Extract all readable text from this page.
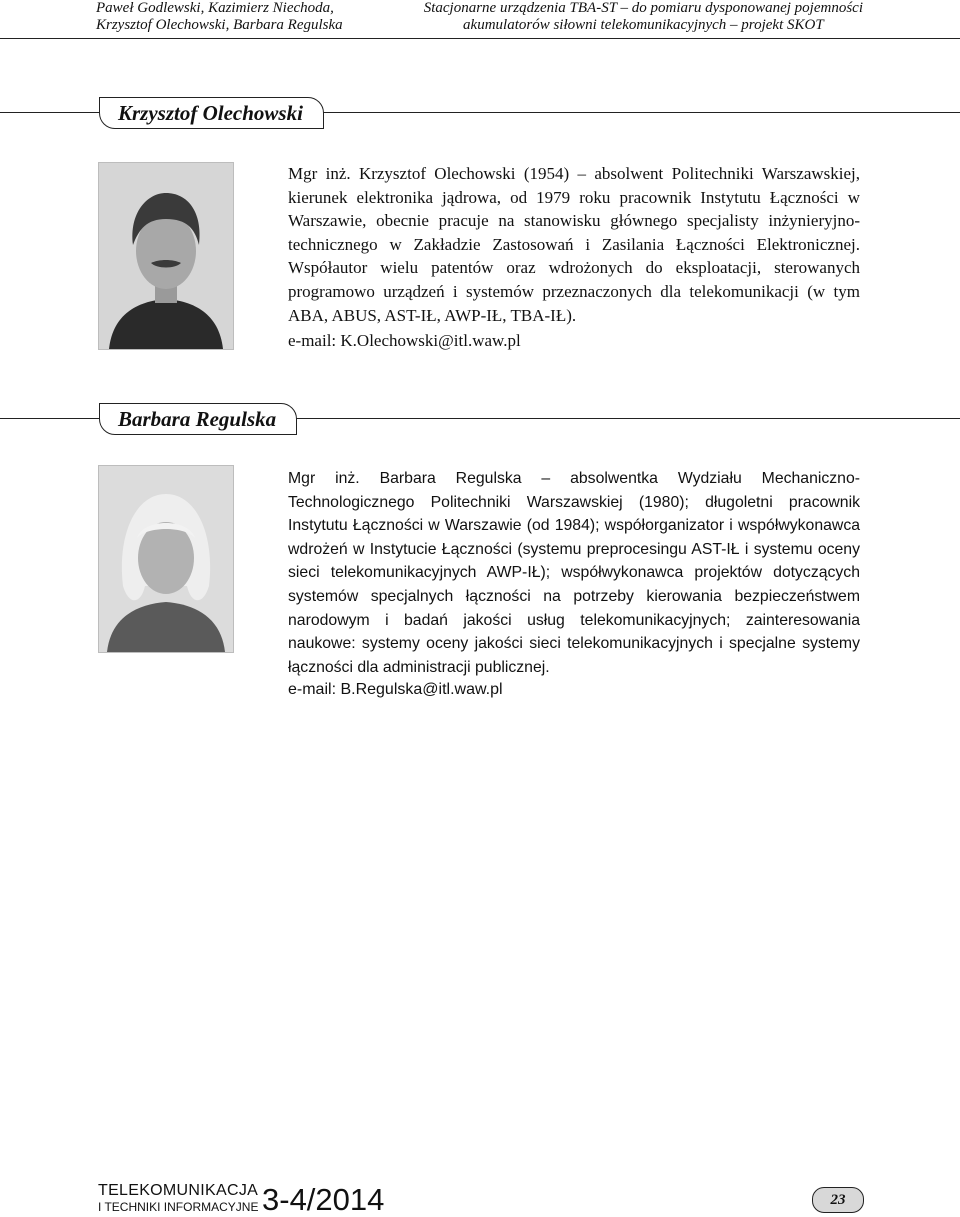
Paweł Godlewski, Kazimierz Niechoda,
Krzysztof Olechowski, Barbara Regulska
Stacjonarne urządzenia TBA-ST – do pomiaru dysponowanej pojemności
akumulatorów siłowni telekomunikacyjnych – projekt SKOT
Krzysztof Olechowski
Mgr inż. Krzysztof Olechowski (1954) – absolwent Politechniki Warszawskiej, kierunek elektronika jądrowa, od 1979 roku pracownik Instytutu Łączności w Warszawie, obecnie pracuje na stanowisku głównego specjalisty inżynieryjno-technicznego w Zakładzie Zastosowań i Zasilania Łączności Elektronicznej. Współautor wielu patentów oraz wdrożonych do eksploatacji, sterowanych programowo urządzeń i systemów przeznaczonych dla telekomunikacji (w tym ABA, ABUS, AST-IŁ, AWP-IŁ, TBA-IŁ).
e-mail: K.Olechowski@itl.waw.pl
Barbara Regulska
Mgr inż. Barbara Regulska – absolwentka Wydziału Mechaniczno-Technologicznego Politechniki Warszawskiej (1980); długoletni pracownik Instytutu Łączności w Warszawie (od 1984); współorganizator i współwykonawca wdrożeń w Instytucie Łączności (systemu preprocesingu AST-IŁ i systemu oceny sieci telekomunikacyjnych AWP-IŁ); współwykonawca projektów dotyczących systemów specjalnych łączności na potrzeby kierowania bezpieczeństwem narodowym i badań jakości usług telekomunikacyjnych; zainteresowania naukowe: systemy oceny jakości sieci telekomunikacyjnych i specjalne systemy łączności dla administracji publicznej.
e-mail: B.Regulska@itl.waw.pl
TELEKOMUNIKACJA
I TECHNIKI INFORMACYJNE 3-4/2014	23
